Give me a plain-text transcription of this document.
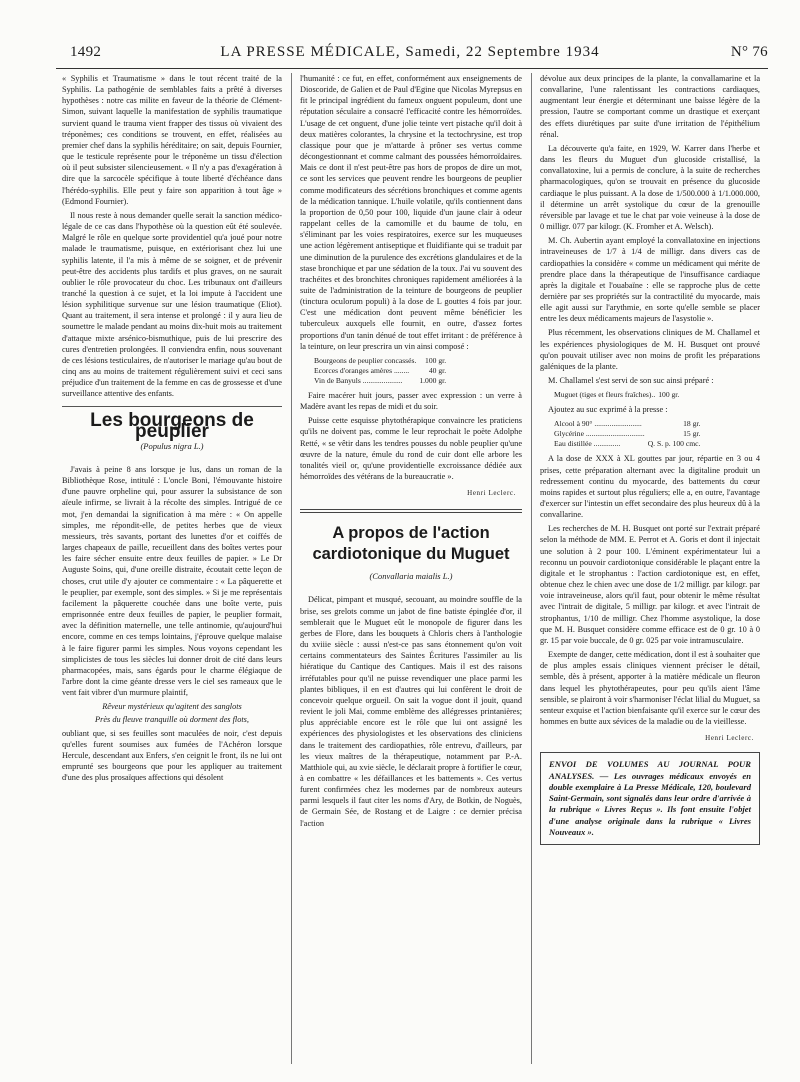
1492	LA PRESSE MÉDICALE, Samedi, 22 Septembre 1934	N° 76

« Syphilis et Traumatisme » dans le tout récent traité de la Syphilis. La pathogénie de semblables faits a prêté à diverses hypothèses : notre cas milite en faveur de la théorie de Clément-Simon, suivant laquelle la manifestation de syphilis traumatique survient quand le trauma vient frapper des tissus où vivaient des tréponèmes; ces conditions se trouvent, en effet, réalisées au premier chef dans la syphilis héréditaire; on sait, depuis Fournier, que le testicule représente pour le tréponème un tissu d'élection où il peut subsister silencieusement. « Il n'y a pas d'exagération à dire que la sarcocèle spécifique à toute liberté d'échéance dans l'hérédo-syphilis. Elle peut y faire son apparition à tout âge » (Edmond Fournier).

Il nous reste à nous demander quelle serait la sanction médico-légale de ce cas dans l'hypothèse où la question eût été soulevée. Malgré le rôle en quelque sorte providentiel qu'a joué pour notre malade le traumatisme, puisque, en extériorisant chez lui une syphilis latente, il l'a mis à même de se soigner, et de prévenir peut-être des accidents plus tardifs et plus graves, on ne saurait oublier le rôle provocateur du choc. Les tribunaux ont d'ailleurs tranché la question à ce sujet, et la loi impute à l'accident une lésion syphilitique survenue sur une lésion traumatique (Eliot). Quant au traitement, il sera intense et prolongé : il y aura lieu de soumettre le malade pendant au moins dix-huit mois au traitement d'attaque mixte arsénico-bismuthique, puis de lui prescrire des cures d'entretien prolongées. Il conviendra enfin, nous souvenant de ces lésions testiculaires, de n'autoriser le mariage qu'au bout de cinq ans au moins de traitement régulièrement suivi et ceci sans préjudice d'un traitement de la femme en cas de grossesse et d'une surveillance attentive des enfants.

Les bourgeons de peuplier
(Populus nigra L.)

J'avais à peine 8 ans lorsque je lus, dans un roman de la Bibliothèque Rose, intitulé : L'oncle Boni, l'émouvante histoire d'une pauvre orpheline qui, pour assurer la subsistance de son aïeule infirme, se livrait à la récolte des simples. Intrigué de ce mot, j'en demandai la signification à ma mère : « On appelle simples, me répondit-elle, de petites herbes que de vieux messieurs, très savants, portant des lunettes d'or et coiffés de larges chapeaux de paille, recueillent dans des boîtes vertes pour les faire sécher ensuite entre deux feuilles de papier. » Le Dr Auguste Soins, qui, d'une oreille distraite, écoutait cette leçon de choses, crut utile d'y ajouter ce commentaire : « La pâquerette et le peuplier, par exemple, sont des simples. » Si je me représentais facilement la pâquerette couchée dans une boîte verte, puis emprisonnée entre deux feuilles de papier, le peuplier formait, avec la définition maternelle, une telle antinomie, qu'aujourd'hui encore, comme en ces temps lointains, j'éprouve quelque malaise à le faire figurer parmi les simples. Nous voyons cependant les simplicistes de tous les siècles lui donner droit de cité dans leurs pharmacopées, mais, sans égards pour le charme élégiaque de l'arbre dont la cime géante dresse vers le ciel ses rameaux que le vent fait vibrer d'un murmure plaintif,

Rêveur mystérieux qu'agitent des sanglots
Près du fleuve tranquille où dorment des flots,

oubliant que, si ses feuilles sont maculées de noir, c'est depuis qu'elles furent soumises aux fumées de l'Achéron lorsque Hercule, descendant aux Enfers, s'en ceignit le front, ils ne lui ont emprunté ses bourgeons que pour les appliquer au traitement d'une des plus prosaïques affections qui désolent

l'humanité : ce fut, en effet, conformément aux enseignements de Dioscoride, de Galien et de Paul d'Egine que Nicolas Myrepsus en fit le principal ingrédient du fameux onguent populeum, dont une réputation séculaire a consacré l'efficacité contre les hémorroïdes. L'usage de cet onguent, d'une jolie teinte vert pistache qu'il doit à deux matières colorantes, la chrysine et la tectochrysine, est trop classique pour que je m'attarde à prôner ses vertus comme décongestionnant et comme calmant des poussées hémorroïdaires. Mais ce dont il n'est peut-être pas hors de propos de dire un mot, ce sont les services que peuvent rendre les bourgeons de peuplier comme modificateurs des sécrétions bronchiques et comme agents de la médication tannique. L'huile volatile, qu'ils contiennent dans la proportion de 0,50 pour 100, liquide d'un jaune clair à odeur rappelant celles de la camomille et du baume de tolu, en s'éliminant par les voies respiratoires, exerce sur les muqueuses une action légèrement antiseptique et fluidifiante qui se traduit par une diminution de la purulence des excrétions glandulaires et de la stase bronchique et par une sédation de la toux. J'ai vu souvent des trachéites et des bronchites chroniques rapidement améliorées à la suite de l'administration de la teinture de bourgeons de peuplier (tinctura oculorum populi) à la dose de L gouttes 4 fois par jour. C'est une médication dont peuvent même bénéficier les tuberculeux auxquels elle fournit, en outre, d'assez fortes proportions d'un tanin dénué de tout effet irritant : de préférence à la teinture, on leur prescrira un vin ainsi composé :

Bourgeons de peuplier concassés.	100 gr.
Ecorces d'oranges amères ........	40 gr.
Vin de Banyuls .....................	1.000 gr.

Faire macérer huit jours, passer avec expression : un verre à Madère avant les repas de midi et du soir.

Puisse cette esquisse phytothérapique convaincre les praticiens qu'ils ne doivent pas, comme le leur reprochait le poète Adolphe Retté, « se vêtir dans les tendres pousses du noble peuplier qu'une œuvre de la nature, émule du rond de cuir dont elle arbore les tonalités vieil or, qu'une providentielle excroissance dédiée aux hémorroïdes des vétérans de la bureaucratie ».

Henri Leclerc.
A propos de l'action cardiotonique du Muguet
(Convallaria maialis L.)

Délicat, pimpant et musqué, secouant, au moindre souffle de la brise, ses grelots comme un jabot de fine batiste épinglée d'or, il semblerait que le Muguet eût le monopole de figurer dans les gerbes de Flore, dans les bouquets à Chloris chers à l'anthologie du xviiie siècle : aussi n'est-ce pas sans étonnement qu'on voit certains commentateurs des Saintes Écritures l'assimiler au lis hiératique du Cantique des Cantiques. Mais il est des raisons irréfutables pour qu'il ne puisse revendiquer une place parmi les plantes bibliques, il en est d'autres qui lui confèrent le droit de concevoir quelque orgueil. On sait la vogue dont il jouit, quand revient le joli Mai, comme emblème des allégresses printanières; plus appréciable encore est le rôle que lui ont assigné les expériences des physiologistes et les observations des cliniciens dans le traitement des cardiopathies, rôle entrevu, d'ailleurs, par les vieux maîtres de la thérapeutique, notamment par P.-A. Matthiole qui, au xvie siècle, le déclarait propre à fortifier le cœur, à en combattre « les défaillances et les battements ». Ces vertus furent confirmées chez les modernes par de nombreux auteurs parmi lesquels il faut citer les noms d'Ary, de Botkin, de Noguès, de Germain Sée, de Rostang et de Laigre : ce dernier précisa l'action

dévolue aux deux principes de la plante, la convallamarine et la convallarine, l'une ralentissant les contractions cardiaques, augmentant leur énergie et déterminant une baisse légère de la pression, l'autre se comportant comme un drastique et exerçant des effets diurétiques par suite d'une irritation de l'épithélium rénal.

La découverte qu'a faite, en 1929, W. Karrer dans l'herbe et dans les fleurs du Muguet d'un glucoside cristallisé, la convallatoxine, lui a permis de conclure, à la suite de recherches pharmacologiques, qu'on se trouvait en présence du glucoside cardiaque le plus puissant. A la dose de 1/500.000 à 1/1.000.000, il détermine un arrêt systolique du cœur de la grenouille réversible par lavage et tue le chat par voie veineuse à la dose de 0 milligr. 077 par kilogr. (K. Fromher et A. Welsch).

M. Ch. Aubertin ayant employé la convallatoxine en injections intraveineuses de 1/7 à 1/4 de milligr. dans divers cas de cardiopathies la considère « comme un médicament qui mérite de prendre place dans la thérapeutique de l'insuffisance cardiaque après la digitale et l'ouabaïne : elle se rapproche plus de cette dernière par ses propriétés sur la contractilité du myocarde, mais elle agit aussi sur l'arythmie, en sorte qu'elle semble se placer entre les deux médicaments majeurs de l'asystolie ».

Plus récemment, les observations cliniques de M. Challamel et les expériences physiologiques de M. H. Busquet ont prouvé qu'on pouvait utiliser avec non moins de profit les préparations galéniques de la plante.

M. Challamel s'est servi de son suc ainsi préparé :

Muguet (tiges et fleurs fraîches)..	100 gr.

Ajoutez au suc exprimé à la presse :

Alcool à 90° .........................	18 gr.
Glycérine ...............................	15 gr.
Eau distillée ..............	Q. S. p. 100 cmc.

A la dose de XXX à XL gouttes par jour, répartie en 3 ou 4 prises, cette préparation alternant avec la digitaline produit un redressement continu du myocarde, des battements du cœur moins rapides et surtout plus réguliers; elle a, en outre, l'avantage d'exercer sur l'intestin un effet secondaire des plus heureux dû à la convallarine.

Les recherches de M. H. Busquet ont porté sur l'extrait préparé selon la méthode de MM. E. Perrot et A. Goris et dont il injectait une solution à 2 pour 100. L'éminent expérimentateur lui a reconnu un pouvoir cardiotonique considérable le plaçant entre la digitale et le strophantus : l'action cardiotonique est, en effet, obtenue chez le chien avec une dose de 1/2 milligr. par kilogr. par voie intraveineuse, alors qu'il faut, pour obtenir le même résultat avec l'intrait de digitale, 5 milligr. par kilogr. et avec l'intrait de strophantus, 1/10 de milligr. Chez l'homme asystolique, la dose que M. H. Busquet considère comme efficace est de 0 gr. 10 à 0 gr. 15 par voie buccale, de 0 gr. 025 par voie intramusculaire.

Exempte de danger, cette médication, dont il est à souhaiter que de plus amples essais cliniques viennent préciser le détail, semble, dès à présent, apporter à la matière médicale un fleuron dans lequel les phytothérapeutes, pour peu qu'ils aient l'âme sensible, se plairont à voir s'harmoniser l'éclat lilial du Muguet, sa senteur exquise et l'action bienfaisante qu'il exerce sur le cœur des hommes en butte aux sévices de la maladie ou de la vieillesse.

Henri Leclerc.
ENVOI DE VOLUMES AU JOURNAL POUR ANALYSES. — Les ouvrages médicaux envoyés en double exemplaire à La Presse Médicale, 120, boulevard Saint-Germain, sont signalés dans leur ordre d'arrivée à la rubrique « Livres Reçus ». Ils font ensuite l'objet d'une analyse originale dans la rubrique « Livres Nouveaux ».
